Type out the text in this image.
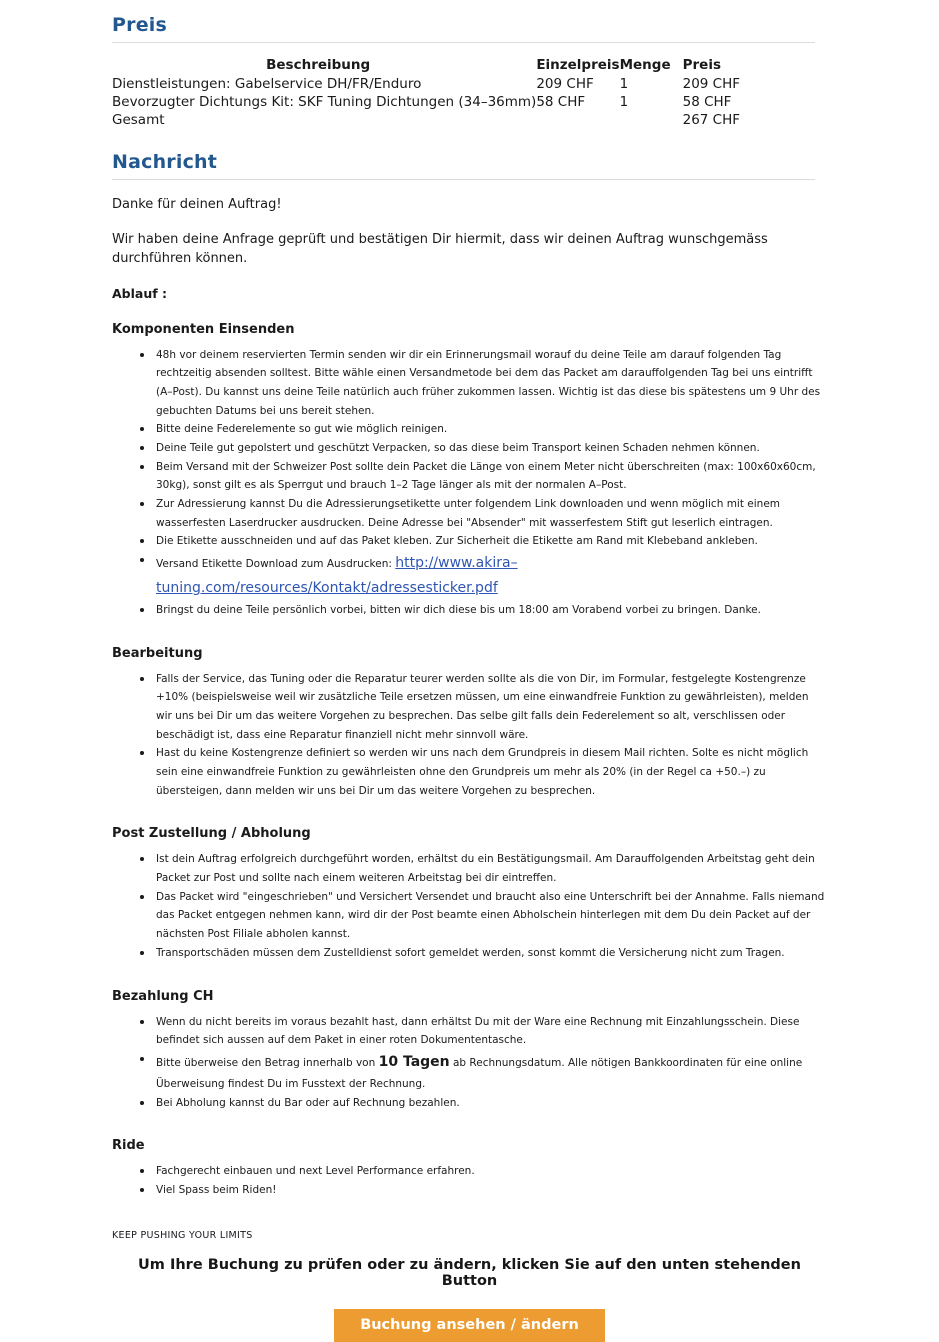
Preis
Beschreibung	Einzelpreis	Menge	Preis
Dienstleistungen: Gabelservice DH/FR/Enduro	209 CHF	1	209 CHF
Bevorzugter Dichtungs Kit: SKF Tuning Dichtungen (34–36mm)	58 CHF	1	58 CHF
Gesamt			267 CHF
Nachricht

Danke für deinen Auftrag!

Wir haben deine Anfrage geprüft und bestätigen Dir hiermit, dass wir deinen Auftrag wunschgemäss durchführen können.

Ablauf :

Komponenten Einsenden
48h vor deinem reservierten Termin senden wir dir ein Erinnerungsmail worauf du deine Teile am darauf folgenden Tag rechtzeitig absenden solltest. Bitte wähle einen Versandmetode bei dem das Packet am darauffolgenden Tag bei uns eintrifft (A–Post). Du kannst uns deine Teile natürlich auch früher zukommen lassen. Wichtig ist das diese bis spätestens um 9 Uhr des gebuchten Datums bei uns bereit stehen.
Bitte deine Federelemente so gut wie möglich reinigen.
Deine Teile gut gepolstert und geschützt Verpacken, so das diese beim Transport keinen Schaden nehmen können.
Beim Versand mit der Schweizer Post sollte dein Packet die Länge von einem Meter nicht überschreiten (max: 100x60x60cm, 30kg), sonst gilt es als Sperrgut und brauch 1–2 Tage länger als mit der normalen A–Post.
Zur Adressierung kannst Du die Adressierungsetikette unter folgendem Link downloaden und wenn möglich mit einem wasserfesten Laserdrucker ausdrucken. Deine Adresse bei "Absender" mit wasserfestem Stift gut leserlich eintragen.
Die Etikette ausschneiden und auf das Paket kleben. Zur Sicherheit die Etikette am Rand mit Klebeband ankleben.
Versand Etikette Download zum Ausdrucken: http://www.akira–tuning.com/resources/Kontakt/adressesticker.pdf
Bringst du deine Teile persönlich vorbei, bitten wir dich diese bis um 18:00 am Vorabend vorbei zu bringen. Danke.
Bearbeitung
Falls der Service, das Tuning oder die Reparatur teurer werden sollte als die von Dir, im Formular, festgelegte Kostengrenze +10% (beispielsweise weil wir zusätzliche Teile ersetzen müssen, um eine einwandfreie Funktion zu gewährleisten), melden wir uns bei Dir um das weitere Vorgehen zu besprechen. Das selbe gilt falls dein Federelement so alt, verschlissen oder beschädigt ist, dass eine Reparatur finanziell nicht mehr sinnvoll wäre.
Hast du keine Kostengrenze definiert so werden wir uns nach dem Grundpreis in diesem Mail richten. Solte es nicht möglich sein eine einwandfreie Funktion zu gewährleisten ohne den Grundpreis um mehr als 20% (in der Regel ca +50.–) zu übersteigen, dann melden wir uns bei Dir um das weitere Vorgehen zu besprechen.
Post Zustellung / Abholung
Ist dein Auftrag erfolgreich durchgeführt worden, erhältst du ein Bestätigungsmail. Am Darauffolgenden Arbeitstag geht dein Packet zur Post und sollte nach einem weiteren Arbeitstag bei dir eintreffen.
Das Packet wird "eingeschrieben" und Versichert Versendet und braucht also eine Unterschrift bei der Annahme. Falls niemand das Packet entgegen nehmen kann, wird dir der Post beamte einen Abholschein hinterlegen mit dem Du dein Packet auf der nächsten Post Filiale abholen kannst.
Transportschäden müssen dem Zustelldienst sofort gemeldet werden, sonst kommt die Versicherung nicht zum Tragen.
Bezahlung CH
Wenn du nicht bereits im voraus bezahlt hast, dann erhältst Du mit der Ware eine Rechnung mit Einzahlungsschein. Diese befindet sich aussen auf dem Paket in einer roten Dokumententasche.
Bitte überweise den Betrag innerhalb von 10 Tagen ab Rechnungsdatum. Alle nötigen Bankkoordinaten für eine online Überweisung findest Du im Fusstext der Rechnung.
Bei Abholung kannst du Bar oder auf Rechnung bezahlen.
Ride
Fachgerecht einbauen und next Level Performance erfahren.
Viel Spass beim Riden!

KEEP PUSHING YOUR LIMITS

Um Ihre Buchung zu prüfen oder zu ändern, klicken Sie auf den unten stehenden Button

Buchung ansehen / ändern
